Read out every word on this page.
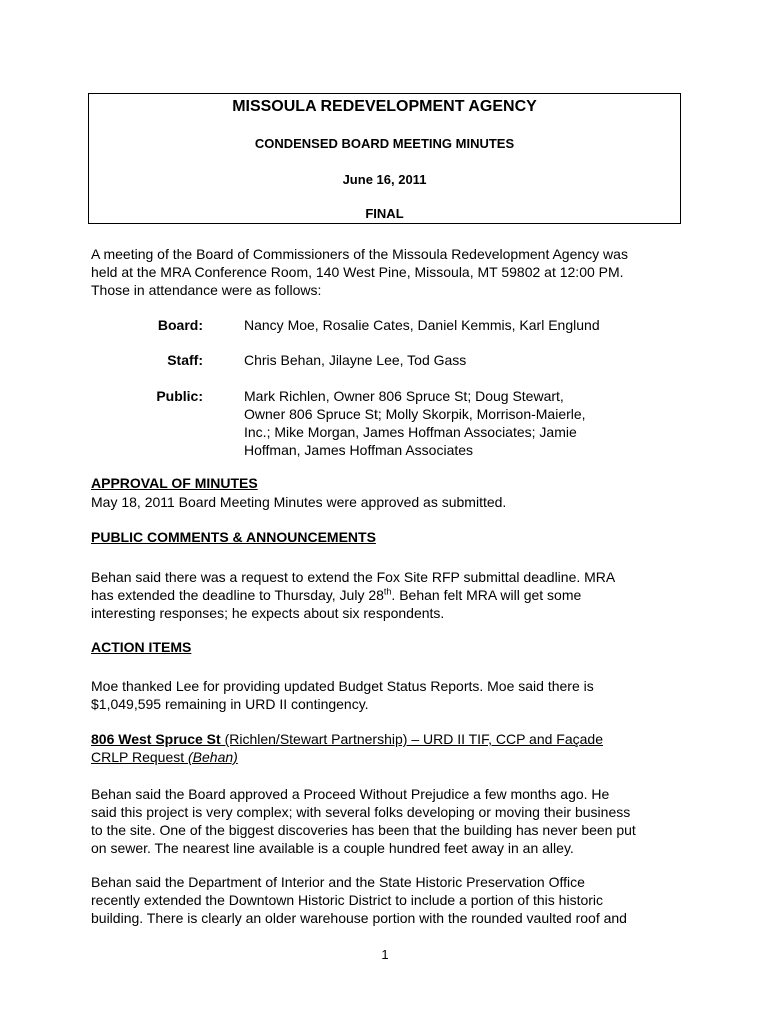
MISSOULA REDEVELOPMENT AGENCY
CONDENSED BOARD MEETING MINUTES
June 16, 2011
FINAL
A meeting of the Board of Commissioners of the Missoula Redevelopment Agency was
held at the MRA Conference Room, 140 West Pine, Missoula, MT 59802 at 12:00 PM.
Those in attendance were as follows:
Board:	Nancy Moe, Rosalie Cates, Daniel Kemmis, Karl Englund
Staff:	Chris Behan, Jilayne Lee, Tod Gass
Public:	Mark Richlen, Owner 806 Spruce St; Doug Stewart,
Owner 806 Spruce St; Molly Skorpik, Morrison-Maierle,
Inc.; Mike Morgan, James Hoffman Associates; Jamie
Hoffman, James Hoffman Associates
APPROVAL OF MINUTES
May 18, 2011 Board Meeting Minutes were approved as submitted.
PUBLIC COMMENTS & ANNOUNCEMENTS
Behan said there was a request to extend the Fox Site RFP submittal deadline. MRA
has extended the deadline to Thursday, July 28th. Behan felt MRA will get some
interesting responses; he expects about six respondents.
ACTION ITEMS
Moe thanked Lee for providing updated Budget Status Reports. Moe said there is
$1,049,595 remaining in URD II contingency.
806 West Spruce St (Richlen/Stewart Partnership) – URD II TIF, CCP and Façade
CRLP Request (Behan)
Behan said the Board approved a Proceed Without Prejudice a few months ago. He
said this project is very complex; with several folks developing or moving their business
to the site. One of the biggest discoveries has been that the building has never been put
on sewer. The nearest line available is a couple hundred feet away in an alley.
Behan said the Department of Interior and the State Historic Preservation Office
recently extended the Downtown Historic District to include a portion of this historic
building. There is clearly an older warehouse portion with the rounded vaulted roof and
1
